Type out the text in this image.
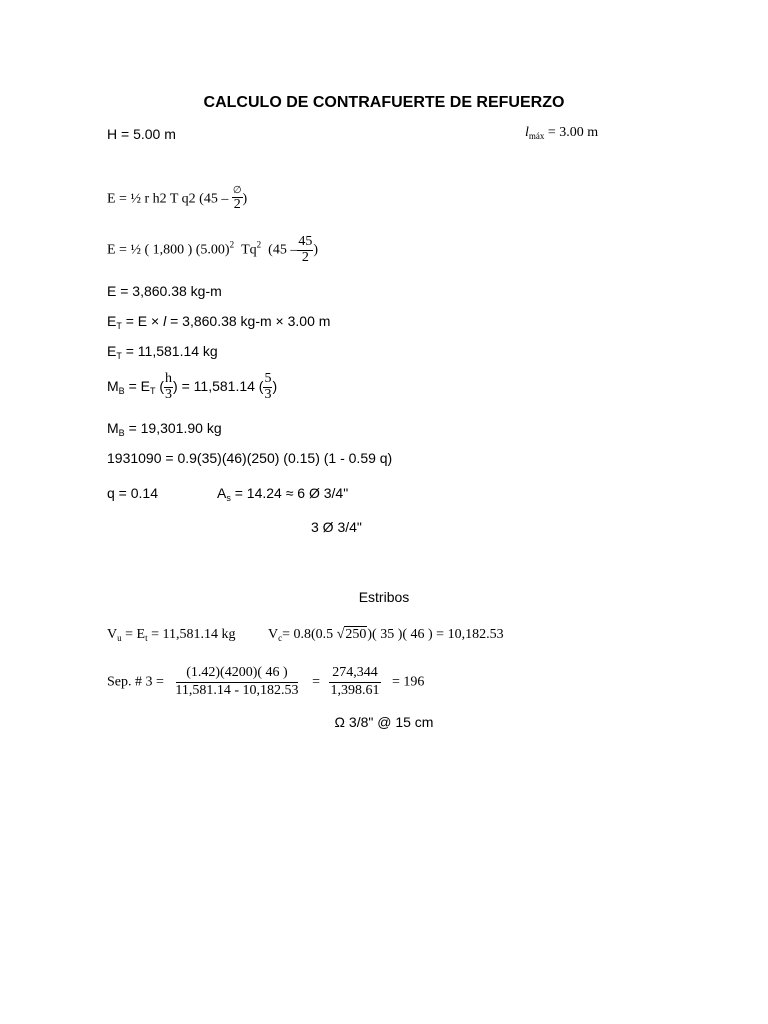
CALCULO DE CONTRAFUERTE DE REFUERZO
H = 5.00 m	$l_{máx} = 3.00$ m
E = ½ r h2 T q2 ($45 - \frac{\emptyset}{2}$ )
E = ½ ( 1,800 ) $(5.00)^2$ Tq$^2$ ($45 - \frac{45}{2}$ )
E = 3,860.38 kg-m
$E_T = E \times l = 3,860.38$ kg-m × 3.00 m
$E_T = 11,581.14$ kg
$M_B = E_T$ ( $\frac{h}{3}$ ) = 11,581.14 ( $\frac{5}{3}$ )
$M_B = 19,301.90$ kg
1931090 = 0.9(35)(46)(250) (0.15) (1 - 0.59 q)
q = 0.14	$A_s = 14.24 \approx 6$ Ø 3/4"
3 Ø 3/4"
Estribos
$V_u = E_t = 11,581.14$ kg $V_c= 0.8(0.5$ √250)( 35 )( 46 ) = 10,182.53
Sep. # $3 = \frac{(1.42)(4200)( 46 )}{11,581.14 - 10,182.53} = \frac{274,344}{1,398.61} = 196$
Ω 3/8" @ 15 cm
